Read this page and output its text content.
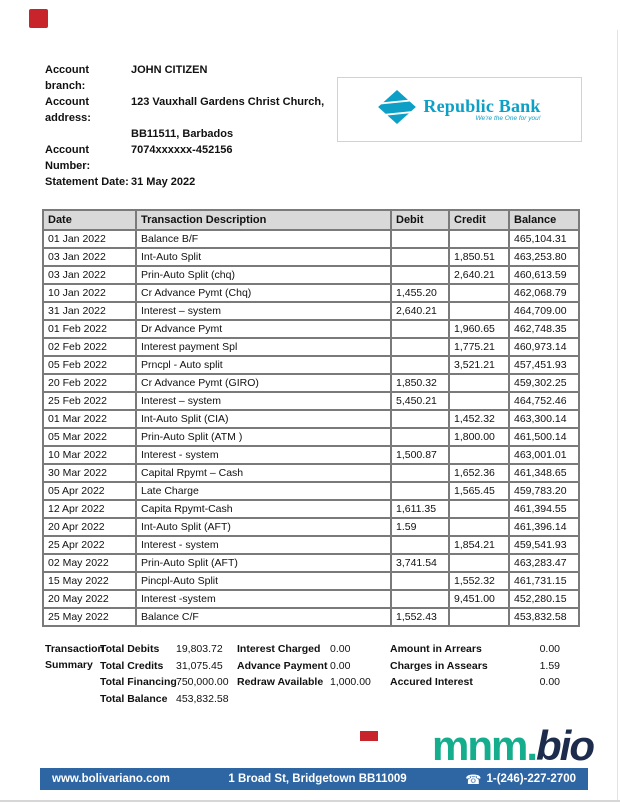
Account branch:
JOHN CITIZEN
Account address:
123 Vauxhall Gardens Christ Church,
BB11511, Barbados
Account Number:
7074xxxxxx-452156
Statement Date: 31 May 2022
Republic Bank
We're the One for you!
Date	Transaction Description	Debit	Credit	Balance
01 Jan 2022	Balance B/F			465,104.31
03 Jan 2022	Int-Auto Split		1,850.51	463,253.80
03 Jan 2022	Prin-Auto Split (chq)		2,640.21	460,613.59
10 Jan 2022	Cr Advance Pymt (Chq)	1,455.20		462,068.79
31 Jan 2022	Interest – system	2,640.21		464,709.00
01 Feb 2022	Dr Advance Pymt		1,960.65	462,748.35
02 Feb 2022	Interest payment Spl		1,775.21	460,973.14
05 Feb 2022	Prncpl - Auto split		3,521.21	457,451.93
20 Feb 2022	Cr Advance Pymt (GIRO)	1,850.32		459,302.25
25 Feb 2022	Interest – system	5,450.21		464,752.46
01 Mar 2022	Int-Auto Split (CIA)		1,452.32	463,300.14
05 Mar 2022	Prin-Auto Split (ATM )		1,800.00	461,500.14
10 Mar 2022	Interest - system	1,500.87		463,001.01
30 Mar 2022	Capital Rpymt – Cash		1,652.36	461,348.65
05 Apr 2022	Late Charge		1,565.45	459,783.20
12 Apr 2022	Capita Rpymt-Cash	1,611.35		461,394.55
20 Apr 2022	Int-Auto Split (AFT)	1.59		461,396.14
25 Apr 2022	Interest - system		1,854.21	459,541.93
02 May 2022	Prin-Auto Split (AFT)	3,741.54		463,283.47
15 May 2022	Pincpl-Auto Split		1,552.32	461,731.15
20 May 2022	Interest -system		9,451.00	452,280.15
25 May 2022	Balance C/F	1,552.43		453,832.58
Transaction
Summary
Total Debits	19,803.72
Total Credits	31,075.45
Total Financing 750,000.00
Total Balance 453,832.58
Interest Charged 0.00
Advance Payment 0.00
Redraw Available 1,000.00
Amount in Arrears	0.00
Charges in Assears	1.59
Accured Interest	0.00
mnm.bio
www.bolivariano.com	1 Broad St, Bridgetown BB11009	☎ 1-(246)-227-2700
